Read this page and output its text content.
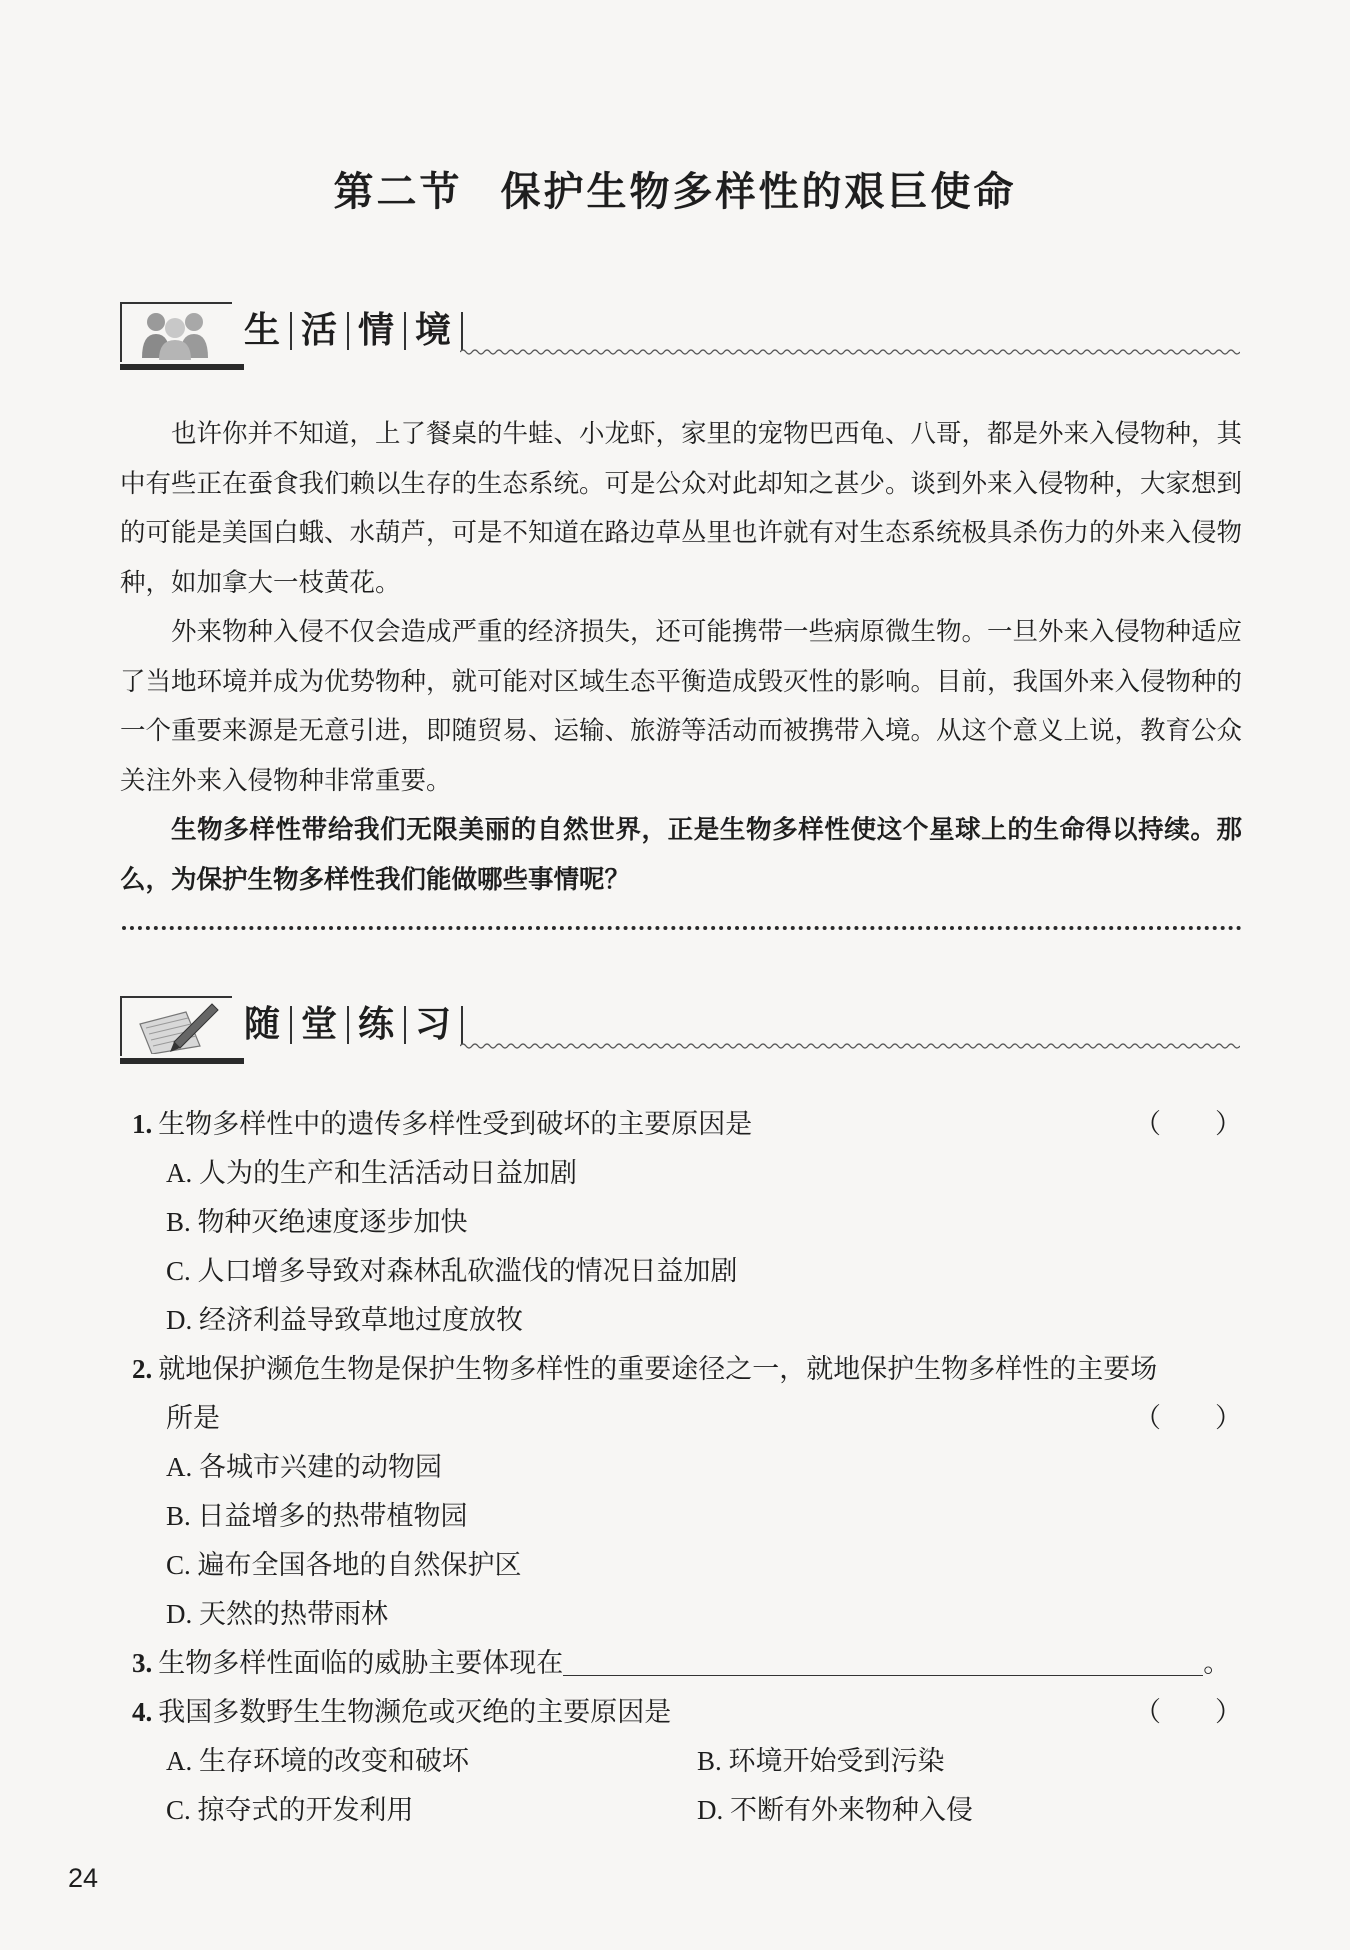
第二节 保护生物多样性的艰巨使命
生 活 情 境

也许你并不知道，上了餐桌的牛蛙、小龙虾，家里的宠物巴西龟、八哥，都是外来入侵物种，其中有些正在蚕食我们赖以生存的生态系统。可是公众对此却知之甚少。谈到外来入侵物种，大家想到的可能是美国白蛾、水葫芦，可是不知道在路边草丛里也许就有对生态系统极具杀伤力的外来入侵物种，如加拿大一枝黄花。

外来物种入侵不仅会造成严重的经济损失，还可能携带一些病原微生物。一旦外来入侵物种适应了当地环境并成为优势物种，就可能对区域生态平衡造成毁灭性的影响。目前，我国外来入侵物种的一个重要来源是无意引进，即随贸易、运输、旅游等活动而被携带入境。从这个意义上说，教育公众关注外来入侵物种非常重要。

生物多样性带给我们无限美丽的自然世界，正是生物多样性使这个星球上的生命得以持续。那么，为保护生物多样性我们能做哪些事情呢？

随 堂 练 习
1. 生物多样性中的遗传多样性受到破坏的主要原因是	（　　）
A. 人为的生产和生活活动日益加剧
B. 物种灭绝速度逐步加快
C. 人口增多导致对森林乱砍滥伐的情况日益加剧
D. 经济利益导致草地过度放牧
2. 就地保护濒危生物是保护生物多样性的重要途径之一，就地保护生物多样性的主要场
所是	（　　）
A. 各城市兴建的动物园
B. 日益增多的热带植物园
C. 遍布全国各地的自然保护区
D. 天然的热带雨林
3. 生物多样性面临的威胁主要体现在	。
4. 我国多数野生生物濒危或灭绝的主要原因是	（　　）
A. 生存环境的改变和破坏	B. 环境开始受到污染
C. 掠夺式的开发利用	D. 不断有外来物种入侵
24
